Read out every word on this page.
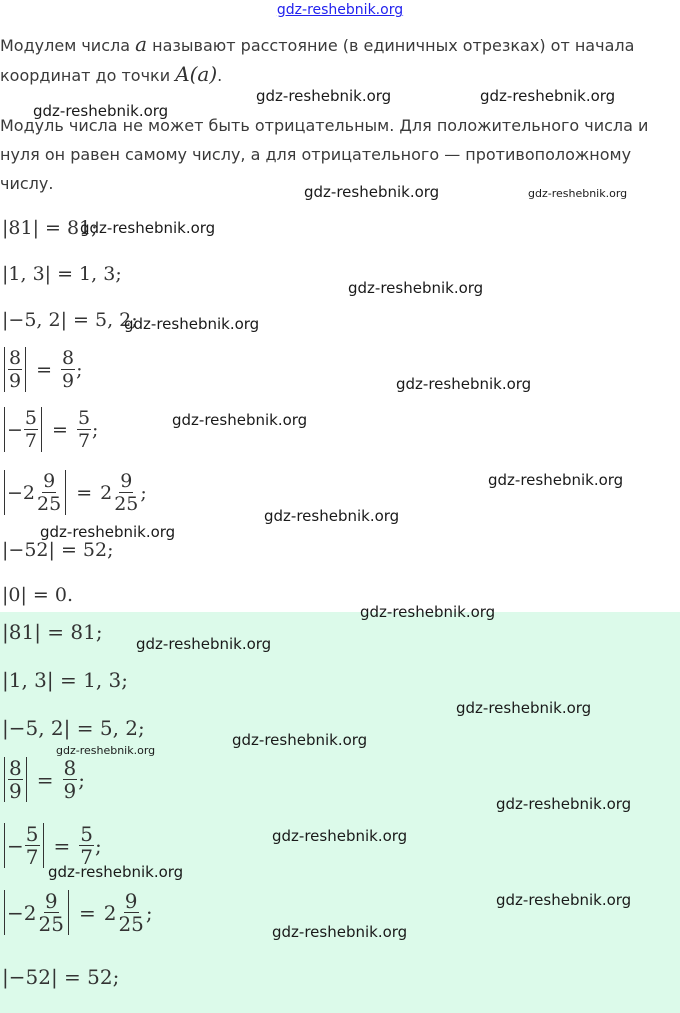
gdz-reshebnik.org

Модулем числа a называют расстояние (в единичных отрезках) от начала координат до точки A(a).

Модуль числа не может быть отрицательным. Для положительного числа и нуля он равен самому числу, а для отрицательного — противоположному числу.

|81| = 81;
|1, 3| = 1, 3;
|−5, 2| = 5, 2;
$\frac{8}{9} = \frac{8}{9}$ ;
− $\frac{5}{7} = \frac{5}{7}$ ;
$-2 \frac{9}{25} = 2 \frac{9}{25}$ ;
|−52| = 52;
|0| = 0.
|81| = 81;
|1, 3| = 1, 3;
|−5, 2| = 5, 2;
$\frac{8}{9} = \frac{8}{9}$ ;
− $\frac{5}{7} = \frac{5}{7}$ ;
$-2 \frac{9}{25} = 2 \frac{9}{25}$ ;
|−52| = 52;
gdz-reshebnik.org
gdz-reshebnik.org	gdz-reshebnik.org
gdz-reshebnik.org	gdz-reshebnik.org
gdz-reshebnik.org
gdz-reshebnik.org
gdz-reshebnik.org
gdz-reshebnik.org
gdz-reshebnik.org
gdz-reshebnik.org
gdz-reshebnik.org
gdz-reshebnik.org
gdz-reshebnik.org
gdz-reshebnik.org
gdz-reshebnik.org
gdz-reshebnik.org
gdz-reshebnik.org
gdz-reshebnik.org
gdz-reshebnik.org
gdz-reshebnik.org
gdz-reshebnik.org
gdz-reshebnik.org
